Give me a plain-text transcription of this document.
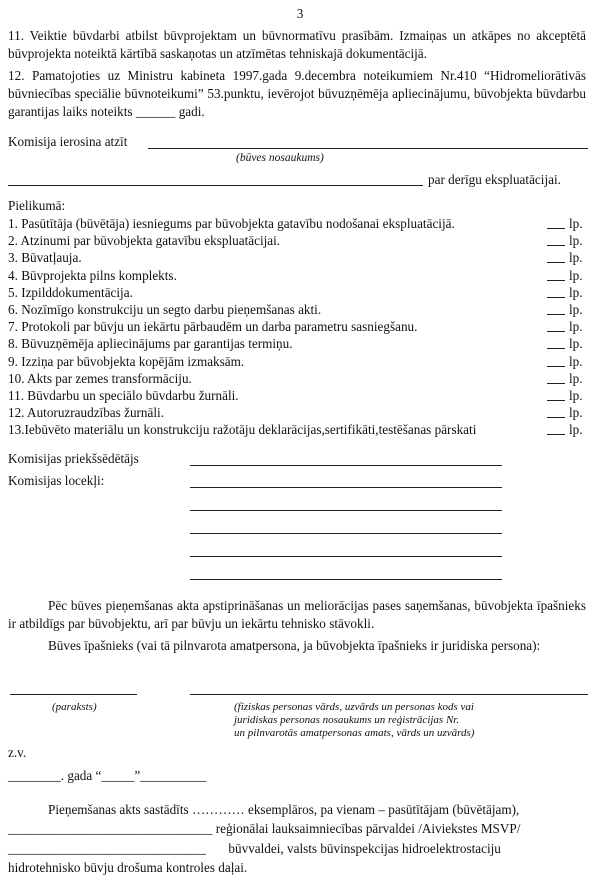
3
11. Veiktie būvdarbi atbilst būvprojektam un būvnormatīvu prasībām. Izmaiņas un atkāpes no akceptētā būvprojekta noteiktā kārtībā saskaņotas un atzīmētas tehniskajā dokumentācijā.
12. Pamatojoties uz Ministru kabineta 1997.gada 9.decembra noteikumiem Nr.410 “Hidromeliorātivās būvniecības speciālie būvnoteikumi” 53.punktu, ievērojot būvuzņēmēja apliecinājumu, būvobjekta būvdarbu garantijas laiks noteikts ______ gadi.
Komisija ierosina atzīt
(būves nosaukums)
par derīgu ekspluatācijai.
Pielikumā:
1. Pasūtītāja (būvētāja) iesniegums par būvobjekta gatavību nodošanai ekspluatācijā.	lp.
2. Atzinumi par būvobjekta gatavību ekspluatācijai.	lp.
3. Būvatļauja.	lp.
4. Būvprojekta pilns komplekts.	lp.
5. Izpilddokumentācija.	lp.
6. Nozīmīgo konstrukciju un segto darbu pieņemšanas akti.	lp.
7. Protokoli par būvju un iekārtu pārbaudēm un darba parametru sasniegšanu.	lp.
8. Būvuzņēmēja apliecinājums par garantijas termiņu.	lp.
9. Izziņa par būvobjekta kopējām izmaksām.	lp.
10. Akts par zemes transformāciju.	lp.
11. Būvdarbu un speciālo būvdarbu žurnāli.	lp.
12. Autoruzraudzības žurnāli.	lp.
13.Iebūvēto materiālu un konstrukciju ražotāju deklarācijas,sertifikāti,testēšanas pārskati	lp.
Komisijas priekšsēdētājs
Komisijas locekļi:
Pēc būves pieņemšanas akta apstiprināšanas un meliorācijas pases saņemšanas, būvobjekta īpašnieks ir atbildīgs par būvobjektu, arī par būvju un iekārtu tehnisko stāvokli.
Būves īpašnieks (vai tā pilnvarota amatpersona, ja būvobjekta īpašnieks ir juridiska persona):
(paraksts)	(fiziskas personas vārds, uzvārds un personas kods vai
juridiskas personas nosaukums un reģistrācijas Nr.
un pilnvarotās amatpersonas amats, vārds un uzvārds)
z.v.
________. gada “_____”__________
Pieņemšanas akts sastādīts ………… eksemplāros, pa vienam – pasūtītājam (būvētājam),
_______________________________ reģionālai lauksaimniecības pārvaldei /Aiviekstes MSVP/
______________________________ būvvaldei, valsts būvinspekcijas hidroelektrostaciju
hidrotehnisko būvju drošuma kontroles daļai.
